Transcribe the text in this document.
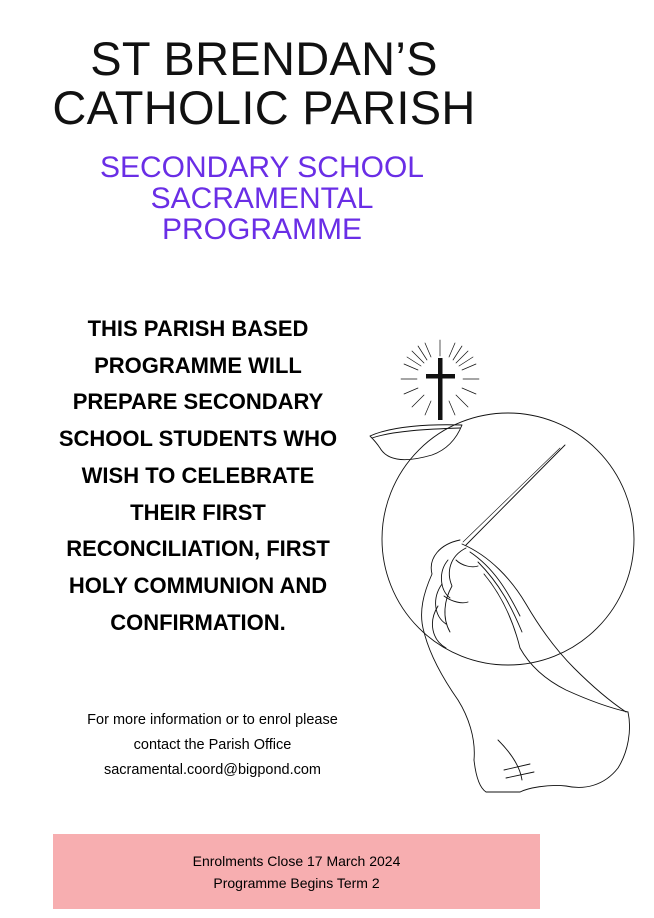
ST BRENDAN’S
CATHOLIC PARISH
SECONDARY SCHOOL
SACRAMENTAL
PROGRAMME
THIS PARISH BASED
PROGRAMME WILL
PREPARE SECONDARY
SCHOOL STUDENTS WHO
WISH TO CELEBRATE
THEIR FIRST
RECONCILIATION, FIRST
HOLY COMMUNION AND
CONFIRMATION.
For more information or to enrol please
contact the Parish Office
sacramental.coord@bigpond.com
Enrolments Close 17 March 2024
Programme Begins Term 2
